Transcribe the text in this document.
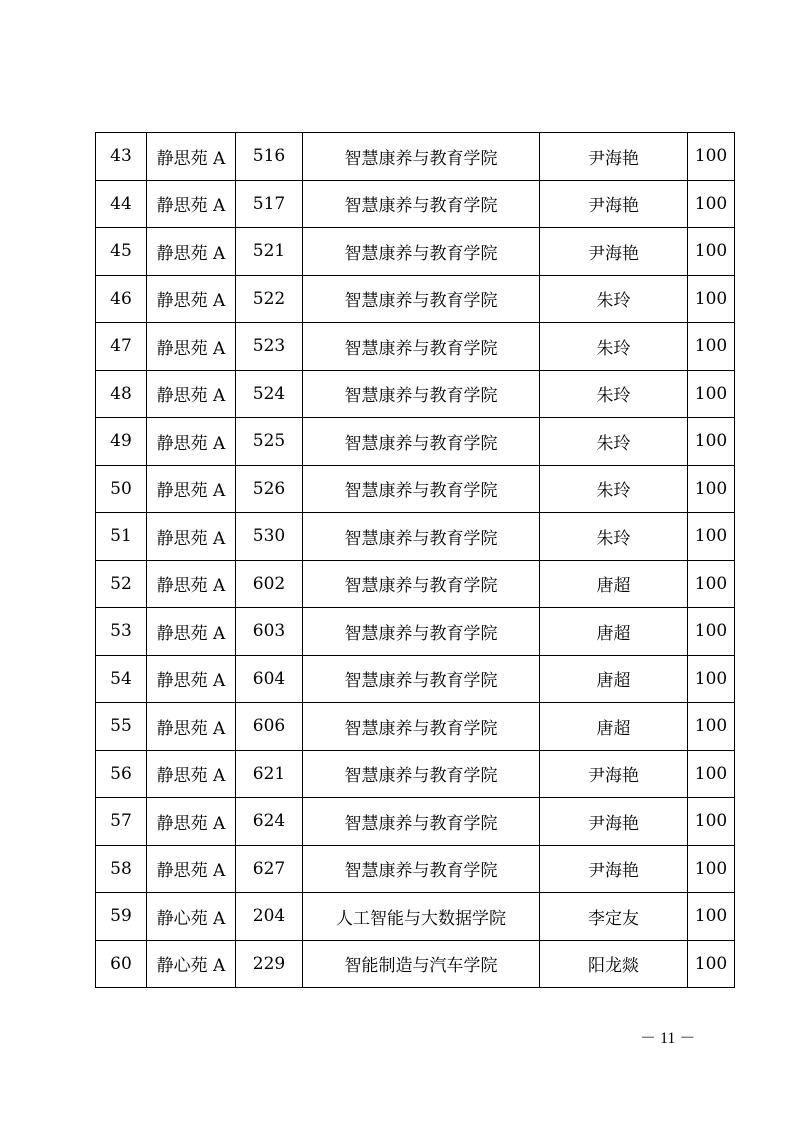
43	静思苑 A	516	智慧康养与教育学院	尹海艳	100
44	静思苑 A	517	智慧康养与教育学院	尹海艳	100
45	静思苑 A	521	智慧康养与教育学院	尹海艳	100
46	静思苑 A	522	智慧康养与教育学院	朱玲	100
47	静思苑 A	523	智慧康养与教育学院	朱玲	100
48	静思苑 A	524	智慧康养与教育学院	朱玲	100
49	静思苑 A	525	智慧康养与教育学院	朱玲	100
50	静思苑 A	526	智慧康养与教育学院	朱玲	100
51	静思苑 A	530	智慧康养与教育学院	朱玲	100
52	静思苑 A	602	智慧康养与教育学院	唐超	100
53	静思苑 A	603	智慧康养与教育学院	唐超	100
54	静思苑 A	604	智慧康养与教育学院	唐超	100
55	静思苑 A	606	智慧康养与教育学院	唐超	100
56	静思苑 A	621	智慧康养与教育学院	尹海艳	100
57	静思苑 A	624	智慧康养与教育学院	尹海艳	100
58	静思苑 A	627	智慧康养与教育学院	尹海艳	100
59	静心苑 A	204	人工智能与大数据学院	李定友	100
60	静心苑 A	229	智能制造与汽车学院	阳龙燚	100
－ 11 －
